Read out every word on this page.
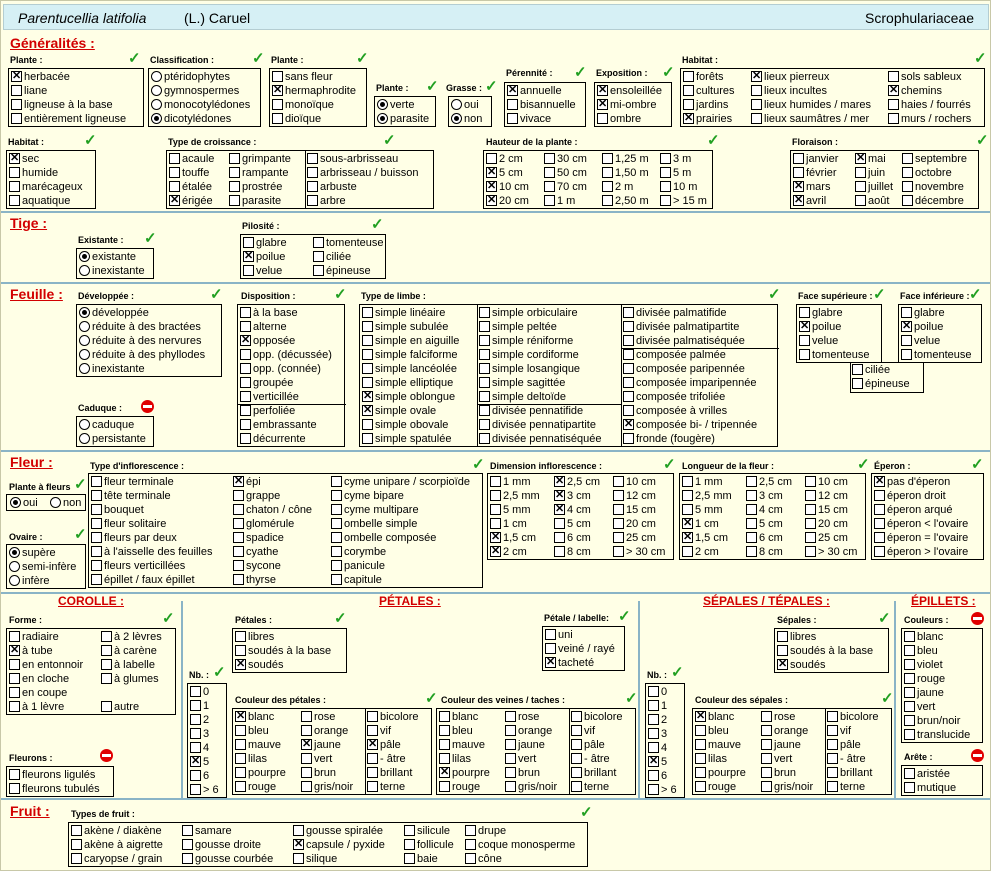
Parentucellia latifolia	(L.) Caruel	Scrophulariaceae
Généralités :
Tige :
Feuille :
Fleur :
COROLLE :	PÉTALES :	SÉPALES / TÉPALES :	ÉPILLETS :
Fruit :
Plante :	✓
✕ herbacée
liane
ligneuse à la base
entièrement ligneuse
Classification :	✓
ptéridophytes
gymnospermes
monocotylédones
dicotylédones
Plante :	✓
sans fleur
✕ hermaphrodite
monoïque
dioïque
Plante : ✓
verte
parasite
Grasse : ✓
oui
non
Pérennité : ✓
✕ annuelle
bisannuelle
vivace
Exposition : ✓
✕ ensoleillée
✕ mi-ombre
ombre
Habitat :	✓
forêts
cultures
jardins
✕ prairies
✕ lieux pierreux
lieux incultes
lieux humides / mares
lieux saumâtres / mer
sols sableux
✕ chemins
haies / fourrés
murs / rochers
Habitat :	✓
✕ sec
humide
marécageux
aquatique
Type de croissance :	✓
acaule
touffe
étalée
✕ érigée
grimpante
rampante
prostrée
parasite
sous-arbrisseau
arbrisseau / buisson
arbuste
arbre
Hauteur de la plante :	✓
2 cm
✕ 5 cm
✕ 10 cm
✕ 20 cm
30 cm
50 cm
70 cm
1 m
1,25 m
1,50 m
2 m
2,50 m
3 m
5 m
10 m
> 15 m
Floraison :	✓
janvier
février
✕ mars
✕ avril
✕ mai
juin
juillet
août
septembre
octobre
novembre
décembre
Existante : ✓
existante
inexistante
Pilosité :	✓
glabre
✕ poilue
velue
tomenteuse
ciliée
épineuse
Développée :	✓
développée
réduite à des bractées
réduite à des nervures
réduite à des phyllodes
inexistante
Caduque :
caduque
persistante
Disposition :	✓
à la base
alterne
✕ opposée
opp. (décussée)
opp. (connée)
groupée
verticillée
perfoliée
embrassante
décurrente
Type de limbe :	✓
simple linéaire
simple subulée
simple en aiguille
simple falciforme
simple lancéolée
simple elliptique
✕ simple oblongue
✕ simple ovale
simple obovale
simple spatulée
simple orbiculaire
simple peltée
simple réniforme
simple cordiforme
simple losangique
simple sagittée
simple deltoïde
divisée pennatifide
divisée pennatipartite
divisée pennatiséquée
divisée palmatifide
divisée palmatipartite
divisée palmatiséquée
composée palmée
composée paripennée
composée imparipennée
composée trifoliée
composée à vrilles
✕ composée bi- / tripennée
fronde (fougère)
Face supérieure : ✓
glabre
✕ poilue
velue
tomenteuse
ciliée
épineuse
Face inférieure : ✓
glabre
✕ poilue
velue
tomenteuse
Plante à fleurs ✓
oui	non
Ovaire : ✓
supère
semi-infère
infère
Type d'inflorescence :	✓
fleur terminale
tête terminale
bouquet
fleur solitaire
fleurs par deux
à l'aisselle des feuilles
fleurs verticillées
épillet / faux épillet
✕ épi
grappe
chaton / cône
glomérule
spadice
cyathe
sycone
thyrse
cyme unipare / scorpioïde
cyme bipare
cyme multipare
ombelle simple
ombelle composée
corymbe
panicule
capitule
Dimension inflorescence :	✓
1 mm
2,5 mm
5 mm
1 cm
✕ 1,5 cm
✕ 2 cm
✕ 2,5 cm
✕ 3 cm
✕ 4 cm
5 cm
6 cm
8 cm
10 cm
12 cm
15 cm
20 cm
25 cm
> 30 cm
Longueur de la fleur :	✓
1 mm
2,5 mm
5 mm
✕ 1 cm
✕ 1,5 cm
2 cm
2,5 cm
3 cm
4 cm
5 cm
6 cm
8 cm
10 cm
12 cm
15 cm
20 cm
25 cm
> 30 cm
Éperon :	✓
✕ pas d'éperon
éperon droit
éperon arqué
éperon < l'ovaire
éperon = l'ovaire
éperon > l'ovaire
Forme :	✓
radiaire
✕ à tube
en entonnoir
en cloche
en coupe
à 1 lèvre
à 2 lèvres
à carène
à labelle
à glumes
autre
Fleurons :
fleurons ligulés
fleurons tubulés
Pétales :	✓
libres
soudés à la base
✕ soudés
Pétale / labelle: ✓
uni
veiné / rayé
✕ tacheté
Nb. : ✓
0
1
2
3
4
✕ 5
6
> 6
Couleur des pétales :	✓
✕ blanc
bleu
mauve
lilas
pourpre
rouge
rose
orange
✕ jaune
vert
brun
gris/noir
bicolore
vif
✕ pâle
- âtre
brillant
terne
Couleur des veines / taches :	✓
blanc
bleu
mauve
lilas
✕ pourpre
rouge
rose
orange
jaune
vert
brun
gris/noir
bicolore
vif
pâle
- âtre
brillant
terne
Sépales :	✓
libres
soudés à la base
✕ soudés
Nb. : ✓
0
1
2
3
4
✕ 5
6
> 6
Couleur des sépales :	✓
✕ blanc
bleu
mauve
lilas
pourpre
rouge
rose
orange
jaune
vert
brun
gris/noir
bicolore
vif
pâle
- âtre
brillant
terne
Couleurs :
blanc
bleu
violet
rouge
jaune
vert
brun/noir
translucide
Arête :
aristée
mutique
Types de fruit :	✓
akène / diakène
akène à aigrette
caryopse / grain
samare
gousse droite
gousse courbée
gousse spiralée
✕ capsule / pyxide
silique
silicule
follicule
baie
drupe
coque monosperme
cône
